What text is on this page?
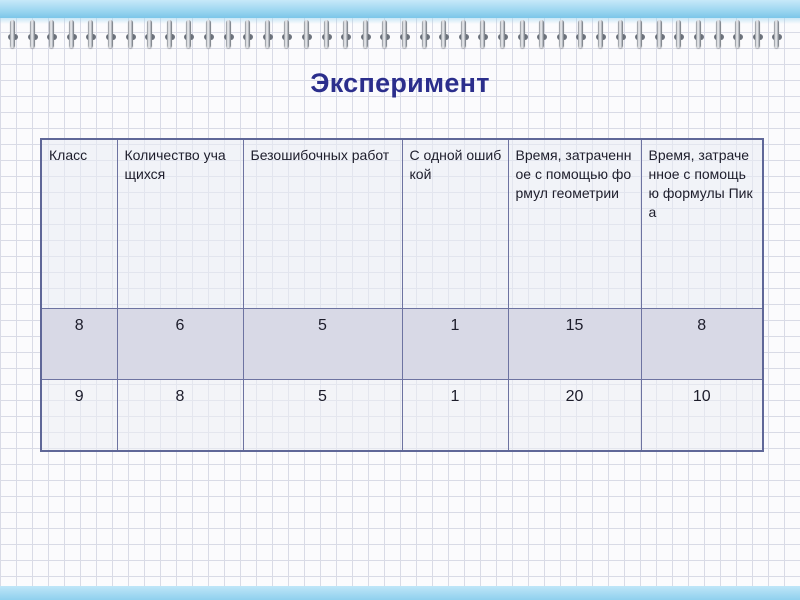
Эксперимент
Класс	Количество учащихся	Безошибочных работ	С одной ошибкой	Время, затраченное с помощью формул геометрии	Время, затраченное с помощью формулы Пика
8	6	5	1	15	8
9	8	5	1	20	10
